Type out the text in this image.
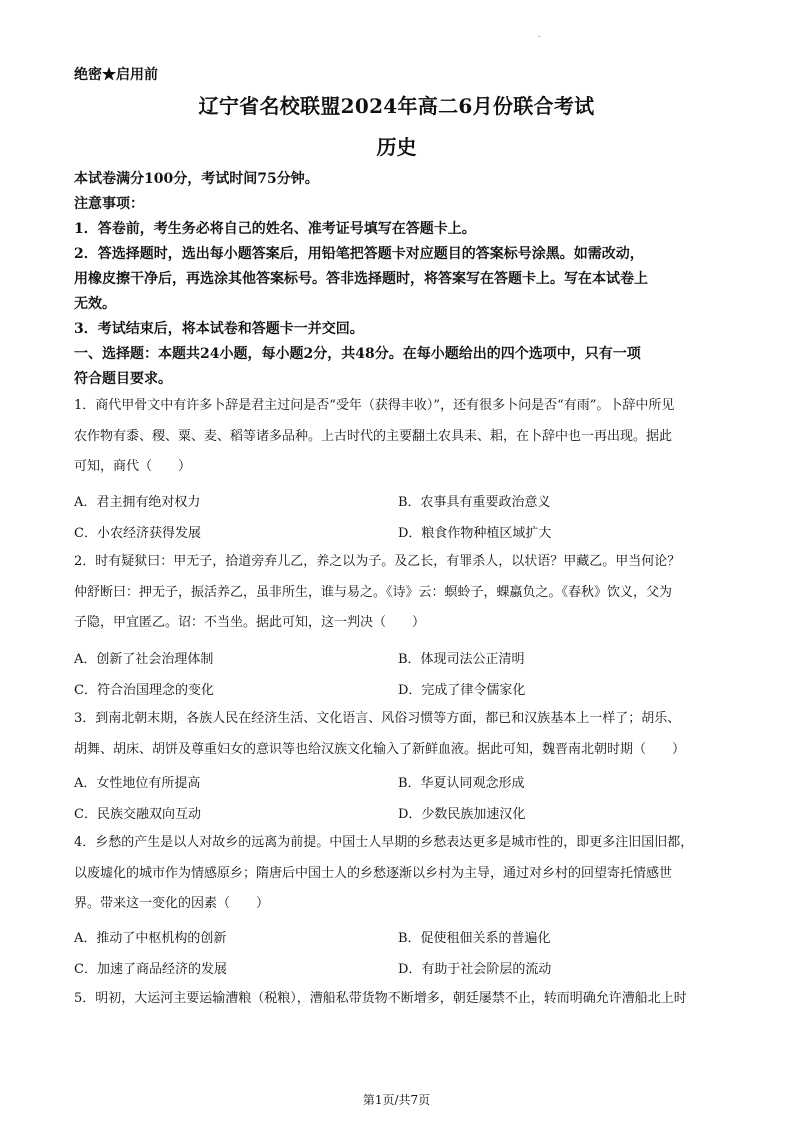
.
绝密★启用前
辽宁省名校联盟2024年高二6月份联合考试
历史
本试卷满分100分，考试时间75分钟。
注意事项：
1．答卷前，考生务必将自己的姓名、准考证号填写在答题卡上。
2．答选择题时，选出每小题答案后，用铅笔把答题卡对应题目的答案标号涂黑。如需改动，
用橡皮擦干净后，再选涂其他答案标号。答非选择题时，将答案写在答题卡上。写在本试卷上
无效。
3．考试结束后，将本试卷和答题卡一并交回。
一、选择题：本题共24小题，每小题2分，共48分。在每小题给出的四个选项中，只有一项
符合题目要求。
1．商代甲骨文中有许多卜辞是君主过问是否“受年（获得丰收）”，还有很多卜问是否“有雨”。卜辞中所见
农作物有黍、稷、粟、麦、稻等诸多品种。上古时代的主要翻土农具耒、耜，在卜辞中也一再出现。据此
可知，商代（　　）
A．君主拥有绝对权力	B．农事具有重要政治意义
C．小农经济获得发展	D．粮食作物种植区域扩大
2．时有疑狱曰：甲无子，拾道旁弃儿乙，养之以为子。及乙长，有罪杀人，以状语？甲藏乙。甲当何论？
仲舒断曰：押无子，振活养乙，虽非所生，谁与易之。《诗》云：螟蛉子，蜾蠃负之。《春秋》饮义，父为
子隐，甲宜匿乙。诏：不当坐。据此可知，这一判决（　　）
A．创新了社会治理体制	B．体现司法公正清明
C．符合治国理念的变化	D．完成了律令儒家化
3．到南北朝末期，各族人民在经济生活、文化语言、风俗习惯等方面，都已和汉族基本上一样了；胡乐、
胡舞、胡床、胡饼及尊重妇女的意识等也给汉族文化输入了新鲜血液。据此可知，魏晋南北朝时期（　　）
A．女性地位有所提高	B．华夏认同观念形成
C．民族交融双向互动	D．少数民族加速汉化
4．乡愁的产生是以人对故乡的远离为前提。中国士人早期的乡愁表达更多是城市性的，即更多注旧国旧都，
以废墟化的城市作为情感原乡；隋唐后中国士人的乡愁逐渐以乡村为主导，通过对乡村的回望寄托情感世
界。带来这一变化的因素（　　）
A．推动了中枢机构的创新	B．促使租佃关系的普遍化
C．加速了商品经济的发展	D．有助于社会阶层的流动
5．明初，大运河主要运输漕粮（税粮），漕船私带货物不断增多，朝廷屡禁不止，转而明确允许漕船北上时
第1页/共7页
